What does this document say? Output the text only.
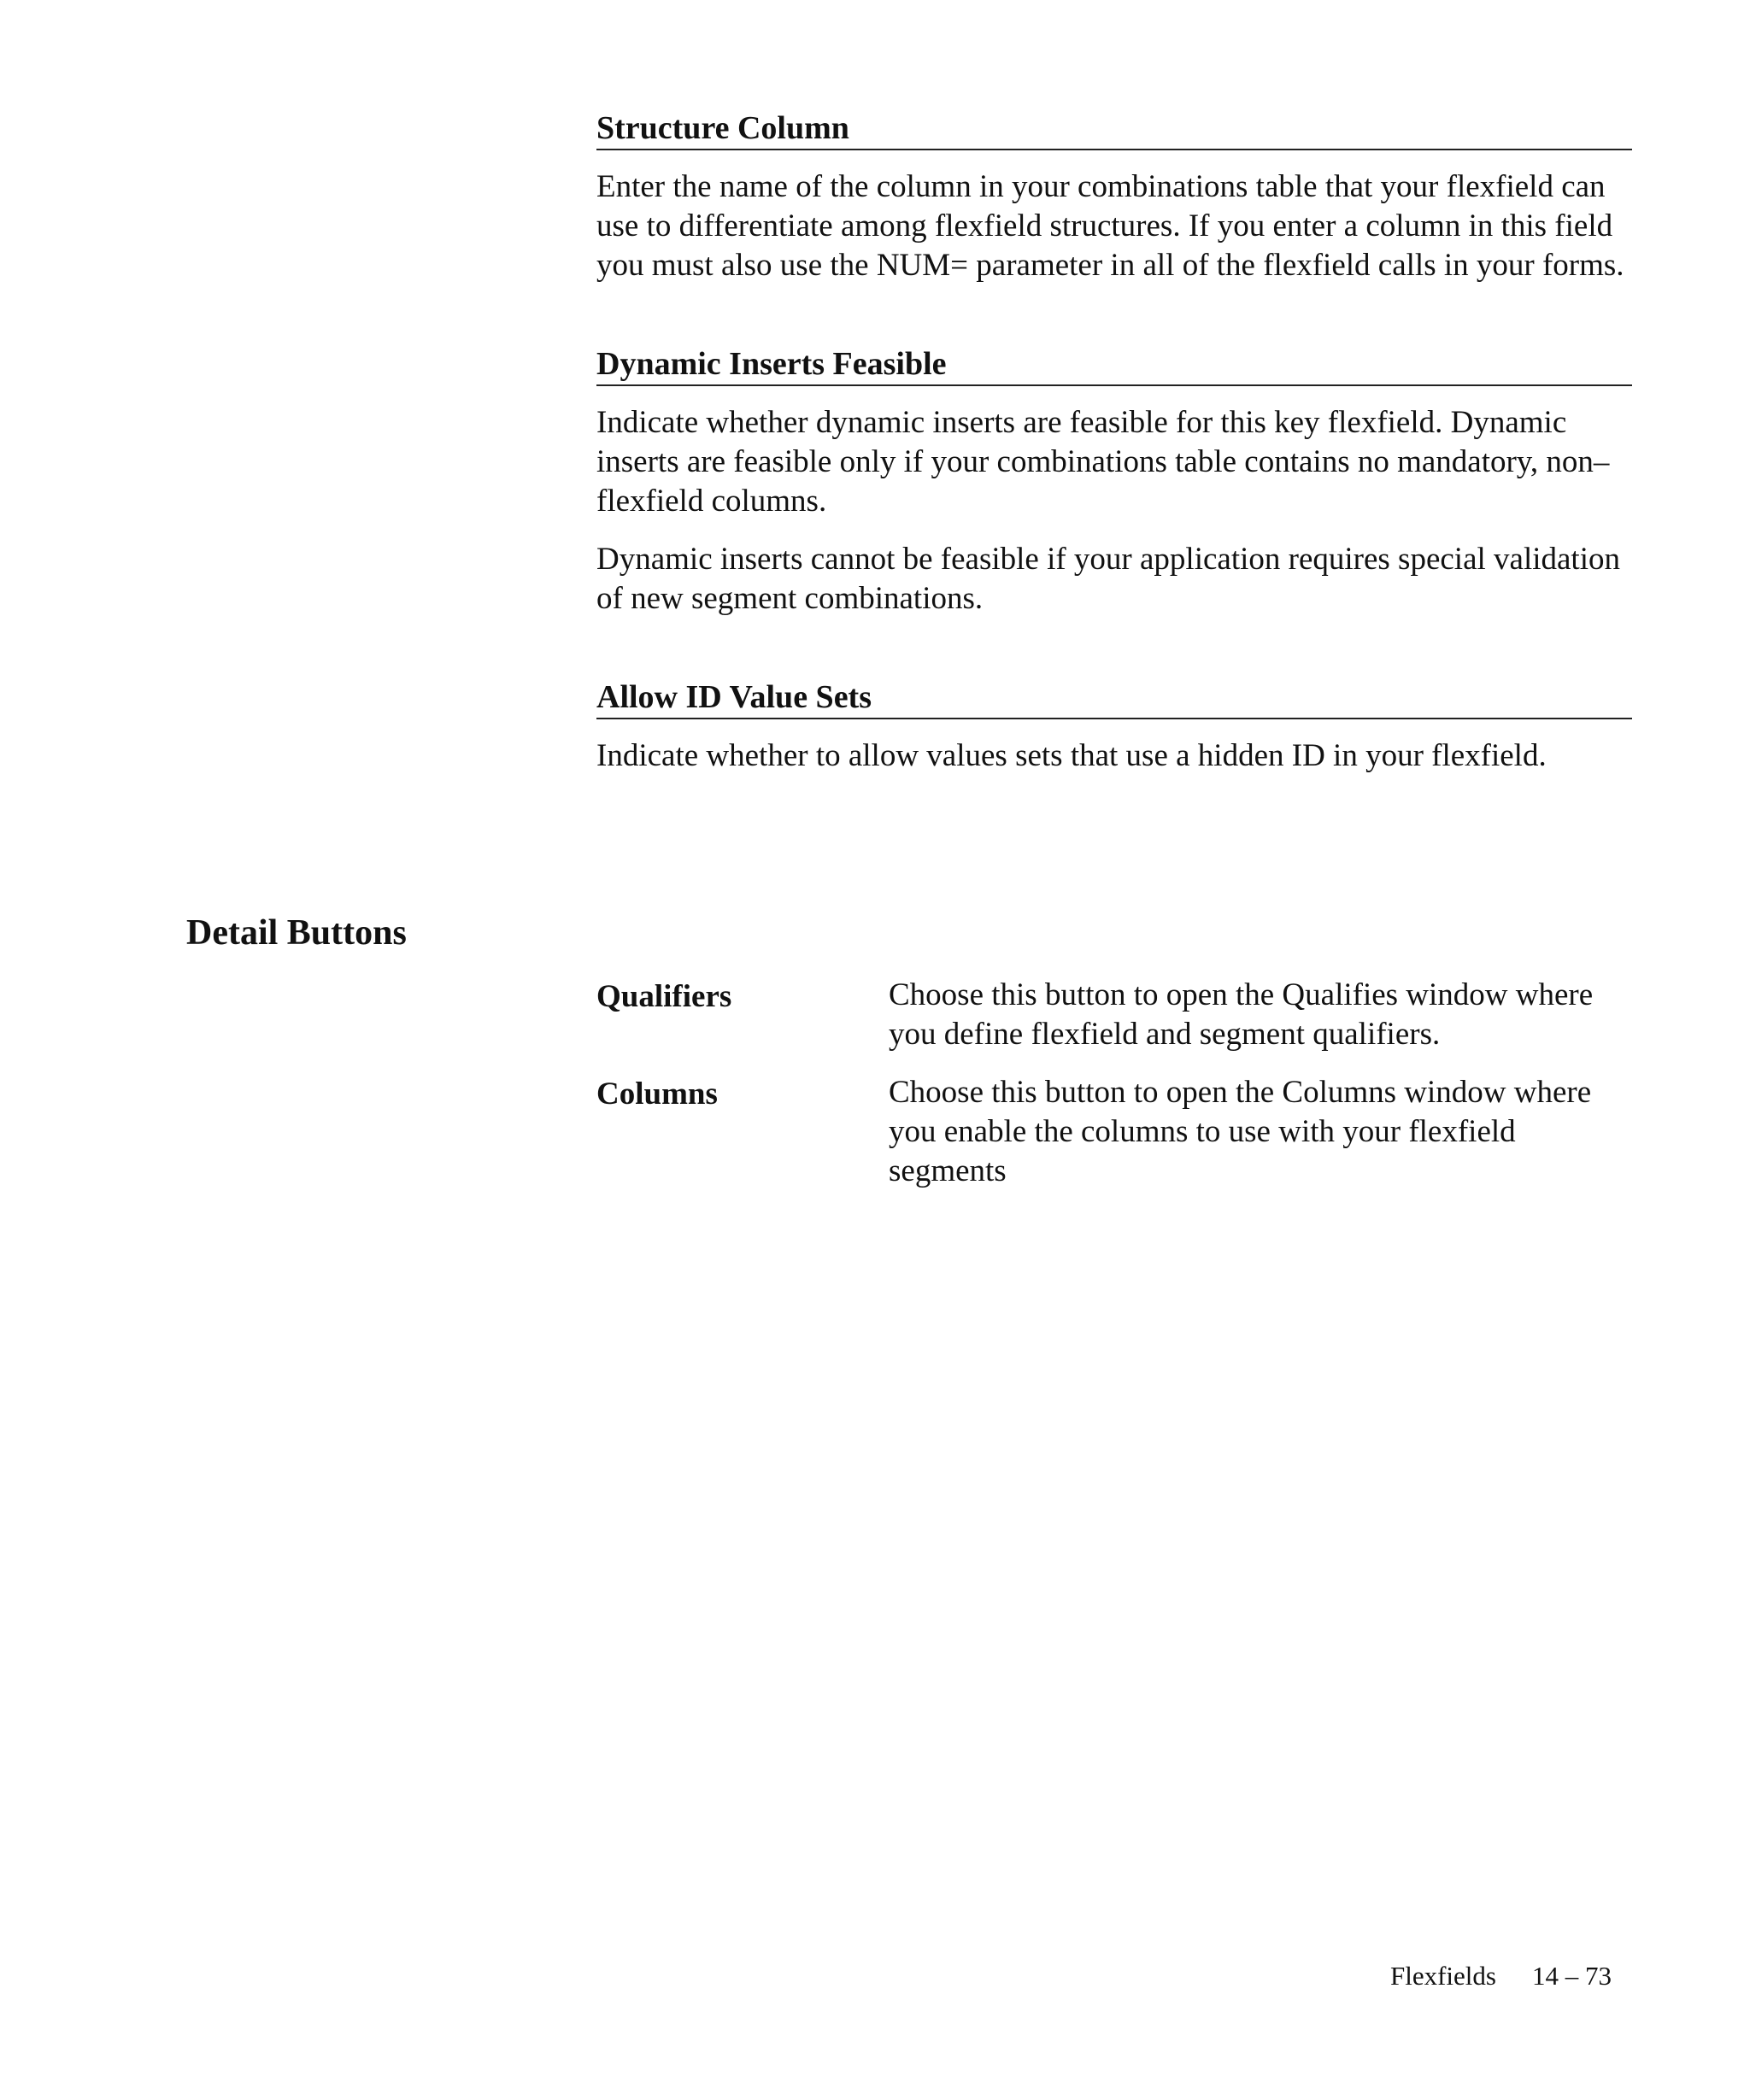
Structure Column

Enter the name of the column in your combinations table that your flexfield can use to differentiate among flexfield structures. If you enter a column in this field you must also use the NUM= parameter in all of the flexfield calls in your forms.

Dynamic Inserts Feasible

Indicate whether dynamic inserts are feasible for this key flexfield. Dynamic inserts are feasible only if your combinations table contains no mandatory, non–flexfield columns.

Dynamic inserts cannot be feasible if your application requires special validation of new segment combinations.

Allow ID Value Sets

Indicate whether to allow values sets that use a hidden ID in your flexfield.

Detail Buttons
Qualifiers	Choose this button to open the Qualifies window where you define flexfield and segment qualifiers.
Columns	Choose this button to open the Columns window where you enable the columns to use with your flexfield segments
Flexfields 14 – 73
